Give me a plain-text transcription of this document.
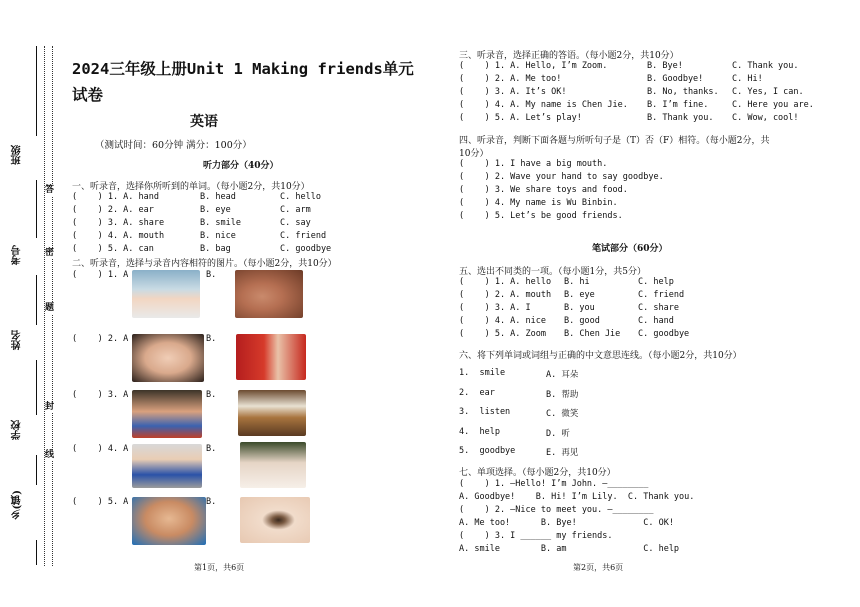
班级
考号
姓名
学校
乡(镇)
答
密
题
封
线
2024三年级上册Unit 1 Making friends单元试卷
英语
（测试时间：60分钟 满分：100分）
听力部分（40分）
一、听录音，选择你所听到的单词。（每小题2分，共10分）
(    ) 1. A. hand	B. head	C. hello
(    ) 2. A. ear	B. eye	C. arm
(    ) 3. A. share	B. smile	C. say
(    ) 4. A. mouth	B. nice	C. friend
(    ) 5. A. can	B. bag	C. goodbye
二、听录音，选择与录音内容相符的图片。（每小题2分，共10分）
(    ) 1. A	B.
(    ) 2. A	B.
(    ) 3. A	B.
(    ) 4. A	B.
(    ) 5. A	B.
第1页，共6页
三、听录音，选择正确的答语。（每小题2分，共10分）
(    ) 1. A. Hello, I’m Zoom.	B. Bye!	C. Thank you.
(    ) 2. A. Me too!	B. Goodbye!	C. Hi!
(    ) 3. A. It’s OK!	B. No, thanks. C. Yes, I can.
(    ) 4. A. My name is Chen Jie. B. I’m fine.	C. Here you are.
(    ) 5. A. Let’s play!	B. Thank you. C. Wow, cool!
四、听录音，判断下面各题与所听句子是（T）否（F）相符。（每小题2分，共
10分）
(    ) 1. I have a big mouth.
(    ) 2. Wave your hand to say goodbye.
(    ) 3. We share toys and food.
(    ) 4. My name is Wu Binbin.
(    ) 5. Let’s be good friends.
笔试部分（60分）
五、选出不同类的一项。（每小题1分，共5分）
(    ) 1. A. hello B. hi	C. help
(    ) 2. A. mouth B. eye	C. friend
(    ) 3. A. I	B. you	C. share
(    ) 4. A. nice B. good	C. hand
(    ) 5. A. Zoom B. Chen Jie C. goodbye
六、将下列单词或词组与正确的中文意思连线。（每小题2分，共10分）
1.  smile	A. 耳朵
2.  ear	B. 帮助
3.  listen	C. 微笑
4.  help	D. 听
5.  goodbye	E. 再见
七、单项选择。（每小题2分，共10分）
(    ) 1. —Hello! I’m John. —________
A. Goodbye!    B. Hi! I’m Lily.  C. Thank you.
(    ) 2. —Nice to meet you. —________
A. Me too!      B. Bye!             C. OK!
(    ) 3. I ______ my friends.
A. smile        B. am               C. help
第2页，共6页
